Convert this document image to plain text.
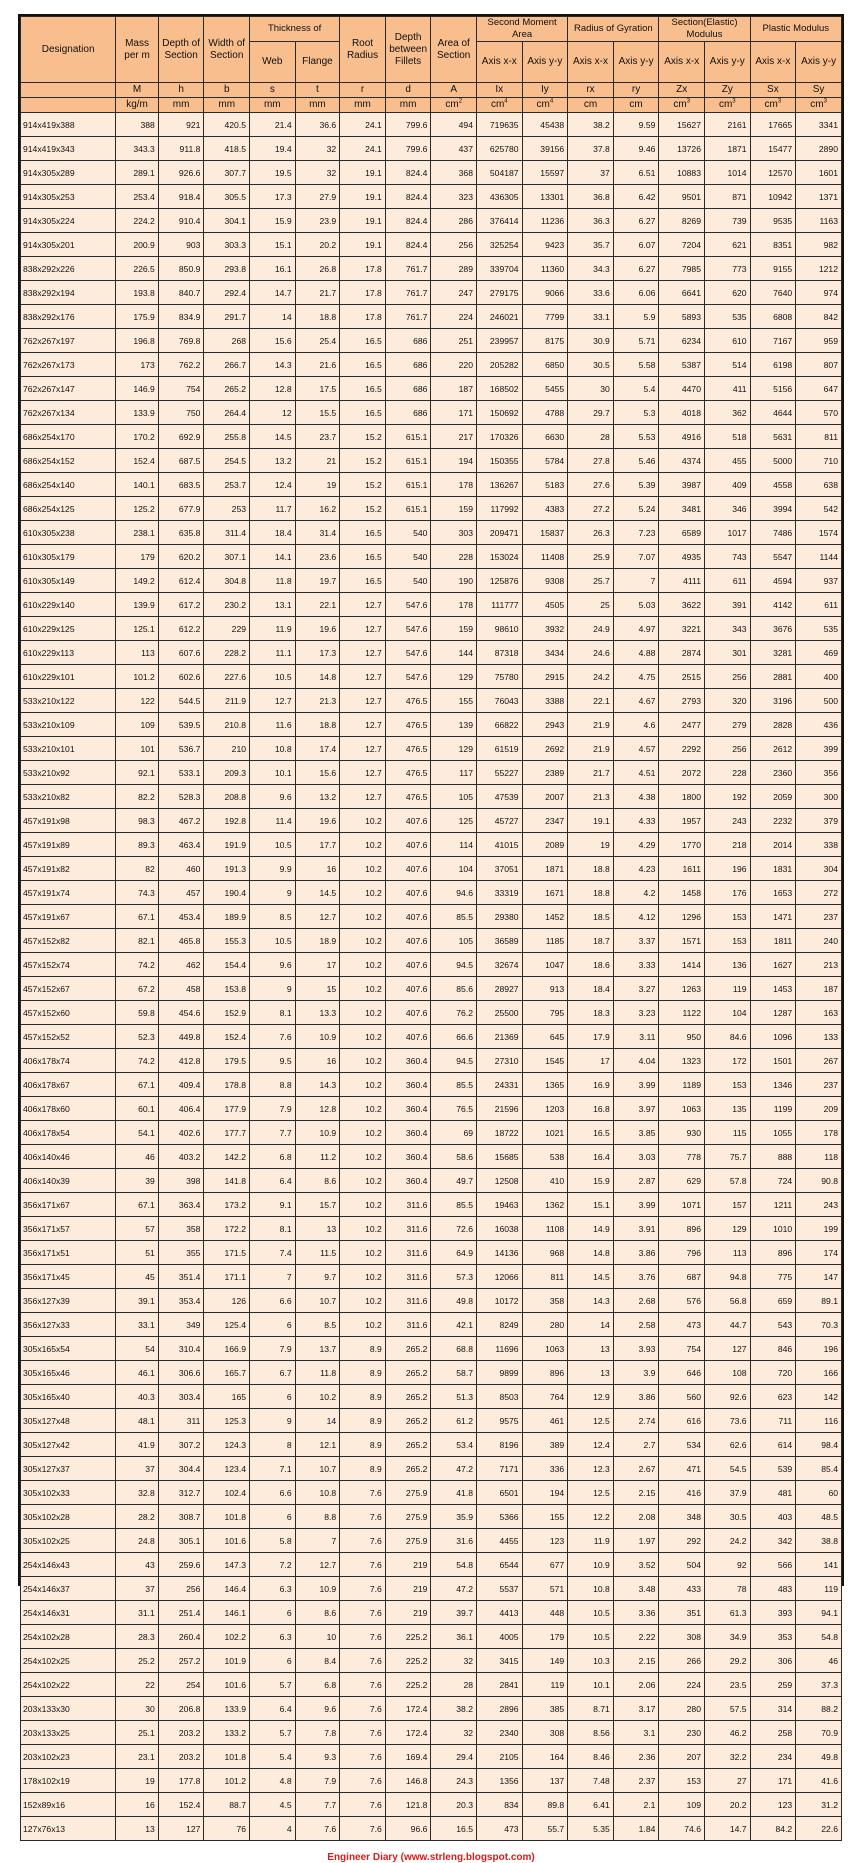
Designation	Mass per m	Depth of Section	Width of Section	Thickness of		Root Radius	Depth between Fillets	Area of Section	Second Moment Area		Radius of Gyration		Section(Elastic) Modulus		Plastic Modulus	
				Web	Flange				Axis x-x	Axis y-y	Axis x-x	Axis y-y	Axis x-x	Axis y-y	Axis x-x	Axis y-y

	M	h	b	s	t	r	d	A	Ix	Iy	rx	ry	Zx	Zy	Sx	Sy
	kg/m	mm	mm	mm	mm	mm	mm	$cm^2$	$cm^4$	$cm^4$	cm	cm	$cm^3$	$cm^3$	$cm^3$	$cm^3$
914x419x388	388	921	420.5	21.4	36.6	24.1	799.6	494	719635	45438	38.2	9.59	15627	2161	17665	3341
914x419x343	343.3	911.8	418.5	19.4	32	24.1	799.6	437	625780	39156	37.8	9.46	13726	1871	15477	2890
914x305x289	289.1	926.6	307.7	19.5	32	19.1	824.4	368	504187	15597	37	6.51	10883	1014	12570	1601
914x305x253	253.4	918.4	305.5	17.3	27.9	19.1	824.4	323	436305	13301	36.8	6.42	9501	871	10942	1371
914x305x224	224.2	910.4	304.1	15.9	23.9	19.1	824.4	286	376414	11236	36.3	6.27	8269	739	9535	1163
914x305x201	200.9	903	303.3	15.1	20.2	19.1	824.4	256	325254	9423	35.7	6.07	7204	621	8351	982
838x292x226	226.5	850.9	293.8	16.1	26.8	17.8	761.7	289	339704	11360	34.3	6.27	7985	773	9155	1212
838x292x194	193.8	840.7	292.4	14.7	21.7	17.8	761.7	247	279175	9066	33.6	6.06	6641	620	7640	974
838x292x176	175.9	834.9	291.7	14	18.8	17.8	761.7	224	246021	7799	33.1	5.9	5893	535	6808	842
762x267x197	196.8	769.8	268	15.6	25.4	16.5	686	251	239957	8175	30.9	5.71	6234	610	7167	959
762x267x173	173	762.2	266.7	14.3	21.6	16.5	686	220	205282	6850	30.5	5.58	5387	514	6198	807
762x267x147	146.9	754	265.2	12.8	17.5	16.5	686	187	168502	5455	30	5.4	4470	411	5156	647
762x267x134	133.9	750	264.4	12	15.5	16.5	686	171	150692	4788	29.7	5.3	4018	362	4644	570
686x254x170	170.2	692.9	255.8	14.5	23.7	15.2	615.1	217	170326	6630	28	5.53	4916	518	5631	811
686x254x152	152.4	687.5	254.5	13.2	21	15.2	615.1	194	150355	5784	27.8	5.46	4374	455	5000	710
686x254x140	140.1	683.5	253.7	12.4	19	15.2	615.1	178	136267	5183	27.6	5.39	3987	409	4558	638
686x254x125	125.2	677.9	253	11.7	16.2	15.2	615.1	159	117992	4383	27.2	5.24	3481	346	3994	542
610x305x238	238.1	635.8	311.4	18.4	31.4	16.5	540	303	209471	15837	26.3	7.23	6589	1017	7486	1574
610x305x179	179	620.2	307.1	14.1	23.6	16.5	540	228	153024	11408	25.9	7.07	4935	743	5547	1144
610x305x149	149.2	612.4	304.8	11.8	19.7	16.5	540	190	125876	9308	25.7	7	4111	611	4594	937
610x229x140	139.9	617.2	230.2	13.1	22.1	12.7	547.6	178	111777	4505	25	5.03	3622	391	4142	611
610x229x125	125.1	612.2	229	11.9	19.6	12.7	547.6	159	98610	3932	24.9	4.97	3221	343	3676	535
610x229x113	113	607.6	228.2	11.1	17.3	12.7	547.6	144	87318	3434	24.6	4.88	2874	301	3281	469
610x229x101	101.2	602.6	227.6	10.5	14.8	12.7	547.6	129	75780	2915	24.2	4.75	2515	256	2881	400
533x210x122	122	544.5	211.9	12.7	21.3	12.7	476.5	155	76043	3388	22.1	4.67	2793	320	3196	500
533x210x109	109	539.5	210.8	11.6	18.8	12.7	476.5	139	66822	2943	21.9	4.6	2477	279	2828	436
533x210x101	101	536.7	210	10.8	17.4	12.7	476.5	129	61519	2692	21.9	4.57	2292	256	2612	399
533x210x92	92.1	533.1	209.3	10.1	15.6	12.7	476.5	117	55227	2389	21.7	4.51	2072	228	2360	356
533x210x82	82.2	528.3	208.8	9.6	13.2	12.7	476.5	105	47539	2007	21.3	4.38	1800	192	2059	300
457x191x98	98.3	467.2	192.8	11.4	19.6	10.2	407.6	125	45727	2347	19.1	4.33	1957	243	2232	379
457x191x89	89.3	463.4	191.9	10.5	17.7	10.2	407.6	114	41015	2089	19	4.29	1770	218	2014	338
457x191x82	82	460	191.3	9.9	16	10.2	407.6	104	37051	1871	18.8	4.23	1611	196	1831	304
457x191x74	74.3	457	190.4	9	14.5	10.2	407.6	94.6	33319	1671	18.8	4.2	1458	176	1653	272
457x191x67	67.1	453.4	189.9	8.5	12.7	10.2	407.6	85.5	29380	1452	18.5	4.12	1296	153	1471	237
457x152x82	82.1	465.8	155.3	10.5	18.9	10.2	407.6	105	36589	1185	18.7	3.37	1571	153	1811	240
457x152x74	74.2	462	154.4	9.6	17	10.2	407.6	94.5	32674	1047	18.6	3.33	1414	136	1627	213
457x152x67	67.2	458	153.8	9	15	10.2	407.6	85.6	28927	913	18.4	3.27	1263	119	1453	187
457x152x60	59.8	454.6	152.9	8.1	13.3	10.2	407.6	76.2	25500	795	18.3	3.23	1122	104	1287	163
457x152x52	52.3	449.8	152.4	7.6	10.9	10.2	407.6	66.6	21369	645	17.9	3.11	950	84.6	1096	133
406x178x74	74.2	412.8	179.5	9.5	16	10.2	360.4	94.5	27310	1545	17	4.04	1323	172	1501	267
406x178x67	67.1	409.4	178.8	8.8	14.3	10.2	360.4	85.5	24331	1365	16.9	3.99	1189	153	1346	237
406x178x60	60.1	406.4	177.9	7.9	12.8	10.2	360.4	76.5	21596	1203	16.8	3.97	1063	135	1199	209
406x178x54	54.1	402.6	177.7	7.7	10.9	10.2	360.4	69	18722	1021	16.5	3.85	930	115	1055	178
406x140x46	46	403.2	142.2	6.8	11.2	10.2	360.4	58.6	15685	538	16.4	3.03	778	75.7	888	118
406x140x39	39	398	141.8	6.4	8.6	10.2	360.4	49.7	12508	410	15.9	2.87	629	57.8	724	90.8
356x171x67	67.1	363.4	173.2	9.1	15.7	10.2	311.6	85.5	19463	1362	15.1	3.99	1071	157	1211	243
356x171x57	57	358	172.2	8.1	13	10.2	311.6	72.6	16038	1108	14.9	3.91	896	129	1010	199
356x171x51	51	355	171.5	7.4	11.5	10.2	311.6	64.9	14136	968	14.8	3.86	796	113	896	174
356x171x45	45	351.4	171.1	7	9.7	10.2	311.6	57.3	12066	811	14.5	3.76	687	94.8	775	147
356x127x39	39.1	353.4	126	6.6	10.7	10.2	311.6	49.8	10172	358	14.3	2.68	576	56.8	659	89.1
356x127x33	33.1	349	125.4	6	8.5	10.2	311.6	42.1	8249	280	14	2.58	473	44.7	543	70.3
305x165x54	54	310.4	166.9	7.9	13.7	8.9	265.2	68.8	11696	1063	13	3.93	754	127	846	196
305x165x46	46.1	306.6	165.7	6.7	11.8	8.9	265.2	58.7	9899	896	13	3.9	646	108	720	166
305x165x40	40.3	303.4	165	6	10.2	8.9	265.2	51.3	8503	764	12.9	3.86	560	92.6	623	142
305x127x48	48.1	311	125.3	9	14	8.9	265.2	61.2	9575	461	12.5	2.74	616	73.6	711	116
305x127x42	41.9	307.2	124.3	8	12.1	8.9	265.2	53.4	8196	389	12.4	2.7	534	62.6	614	98.4
305x127x37	37	304.4	123.4	7.1	10.7	8.9	265.2	47.2	7171	336	12.3	2.67	471	54.5	539	85.4
305x102x33	32.8	312.7	102.4	6.6	10.8	7.6	275.9	41.8	6501	194	12.5	2.15	416	37.9	481	60
305x102x28	28.2	308.7	101.8	6	8.8	7.6	275.9	35.9	5366	155	12.2	2.08	348	30.5	403	48.5
305x102x25	24.8	305.1	101.6	5.8	7	7.6	275.9	31.6	4455	123	11.9	1.97	292	24.2	342	38.8
254x146x43	43	259.6	147.3	7.2	12.7	7.6	219	54.8	6544	677	10.9	3.52	504	92	566	141
254x146x37	37	256	146.4	6.3	10.9	7.6	219	47.2	5537	571	10.8	3.48	433	78	483	119
254x146x31	31.1	251.4	146.1	6	8.6	7.6	219	39.7	4413	448	10.5	3.36	351	61.3	393	94.1
254x102x28	28.3	260.4	102.2	6.3	10	7.6	225.2	36.1	4005	179	10.5	2.22	308	34.9	353	54.8
254x102x25	25.2	257.2	101.9	6	8.4	7.6	225.2	32	3415	149	10.3	2.15	266	29.2	306	46
254x102x22	22	254	101.6	5.7	6.8	7.6	225.2	28	2841	119	10.1	2.06	224	23.5	259	37.3
203x133x30	30	206.8	133.9	6.4	9.6	7.6	172.4	38.2	2896	385	8.71	3.17	280	57.5	314	88.2
203x133x25	25.1	203.2	133.2	5.7	7.8	7.6	172.4	32	2340	308	8.56	3.1	230	46.2	258	70.9
203x102x23	23.1	203.2	101.8	5.4	9.3	7.6	169.4	29.4	2105	164	8.46	2.36	207	32.2	234	49.8
178x102x19	19	177.8	101.2	4.8	7.9	7.6	146.8	24.3	1356	137	7.48	2.37	153	27	171	41.6
152x89x16	16	152.4	88.7	4.5	7.7	7.6	121.8	20.3	834	89.8	6.41	2.1	109	20.2	123	31.2
127x76x13	13	127	76	4	7.6	7.6	96.6	16.5	473	55.7	5.35	1.84	74.6	14.7	84.2	22.6
Engineer Diary (www.strleng.blogspot.com)
